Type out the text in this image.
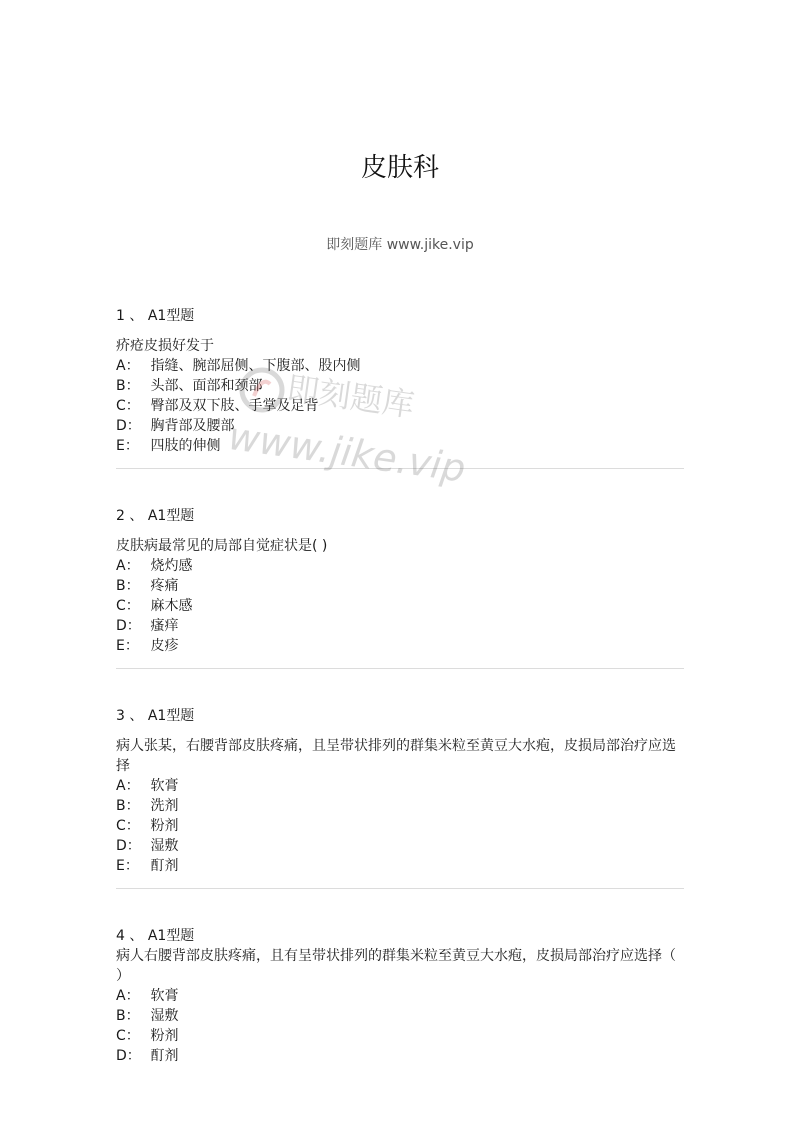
皮肤科
即刻题库 www.jike.vip

1 、 A1型题

疥疮皮损好发于

A： 指缝、腕部屈侧、下腹部、股内侧

B： 头部、面部和颈部

C： 臀部及双下肢、手掌及足背

D： 胸背部及腰部

E： 四肢的伸侧

2 、 A1型题

皮肤病最常见的局部自觉症状是( )

A： 烧灼感

B： 疼痛

C： 麻木感

D： 瘙痒

E： 皮疹

3 、 A1型题

病人张某，右腰背部皮肤疼痛，且呈带状排列的群集米粒至黄豆大水疱，皮损局部治疗应选择

A： 软膏

B： 洗剂

C： 粉剂

D： 湿敷

E： 酊剂

4 、 A1型题

病人右腰背部皮肤疼痛，且有呈带状排列的群集米粒至黄豆大水疱，皮损局部治疗应选择（ ）

A： 软膏

B： 湿敷

C： 粉剂

D： 酊剂

即刻题库
www.jike.vip
